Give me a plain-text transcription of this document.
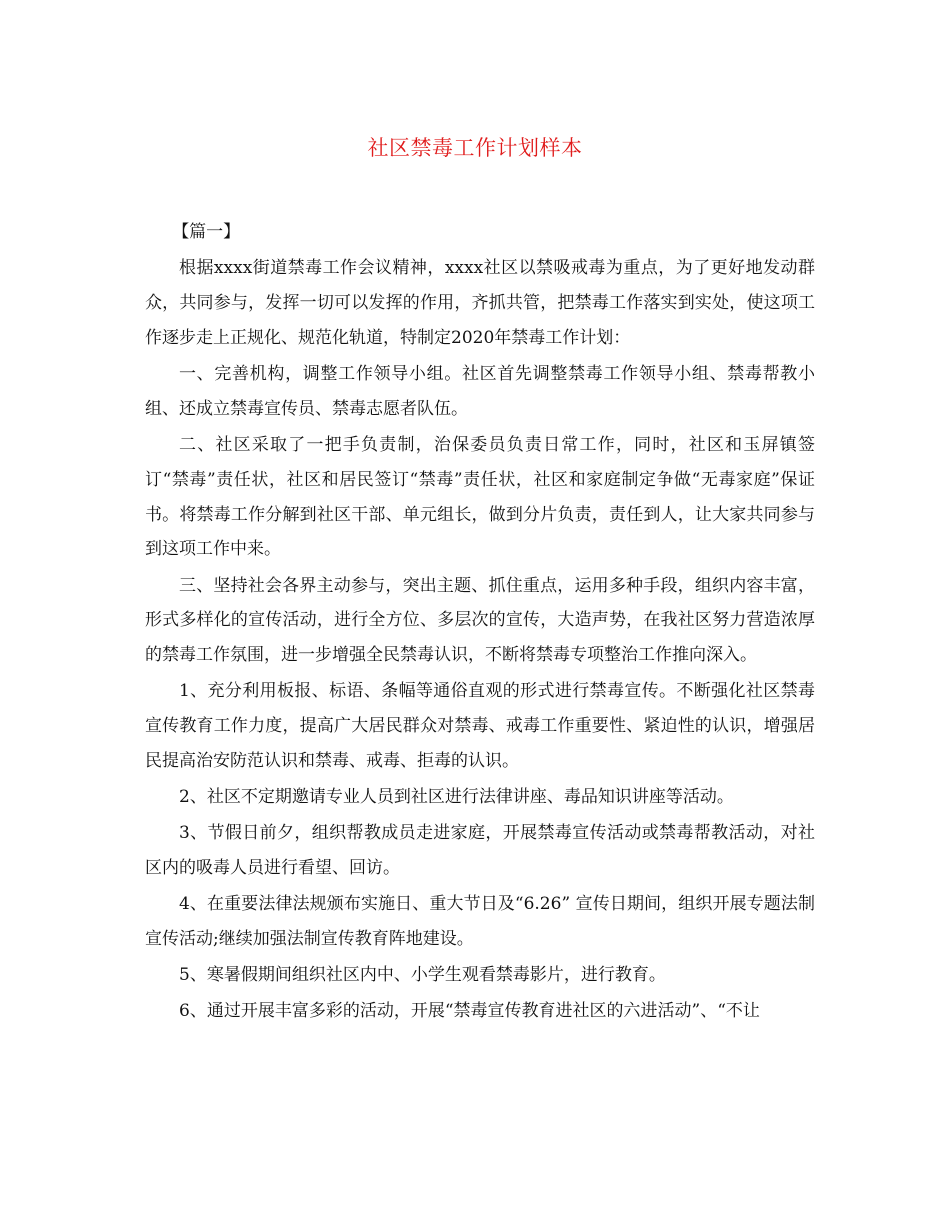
社区禁毒工作计划样本

【篇一】

根据xxxx街道禁毒工作会议精神，xxxx社区以禁吸戒毒为重点，为了更好地发动群众，共同参与，发挥一切可以发挥的作用，齐抓共管，把禁毒工作落实到实处，使这项工作逐步走上正规化、规范化轨道，特制定2020年禁毒工作计划：

一、完善机构，调整工作领导小组。社区首先调整禁毒工作领导小组、禁毒帮教小组、还成立禁毒宣传员、禁毒志愿者队伍。

二、社区采取了一把手负责制，治保委员负责日常工作，同时，社区和玉屏镇签订“禁毒”责任状，社区和居民签订“禁毒”责任状，社区和家庭制定争做“无毒家庭”保证书。将禁毒工作分解到社区干部、单元组长，做到分片负责，责任到人，让大家共同参与到这项工作中来。

三、坚持社会各界主动参与，突出主题、抓住重点，运用多种手段，组织内容丰富，形式多样化的宣传活动，进行全方位、多层次的宣传，大造声势，在我社区努力营造浓厚的禁毒工作氛围，进一步增强全民禁毒认识，不断将禁毒专项整治工作推向深入。

1、充分利用板报、标语、条幅等通俗直观的形式进行禁毒宣传。不断强化社区禁毒宣传教育工作力度，提高广大居民群众对禁毒、戒毒工作重要性、紧迫性的认识，增强居民提高治安防范认识和禁毒、戒毒、拒毒的认识。

2、社区不定期邀请专业人员到社区进行法律讲座、毒品知识讲座等活动。

3、节假日前夕，组织帮教成员走进家庭，开展禁毒宣传活动或禁毒帮教活动，对社区内的吸毒人员进行看望、回访。

4、在重要法律法规颁布实施日、重大节日及“6.26” 宣传日期间，组织开展专题法制宣传活动;继续加强法制宣传教育阵地建设。

5、寒暑假期间组织社区内中、小学生观看禁毒影片，进行教育。

6、通过开展丰富多彩的活动，开展“禁毒宣传教育进社区的六进活动”、“不让
